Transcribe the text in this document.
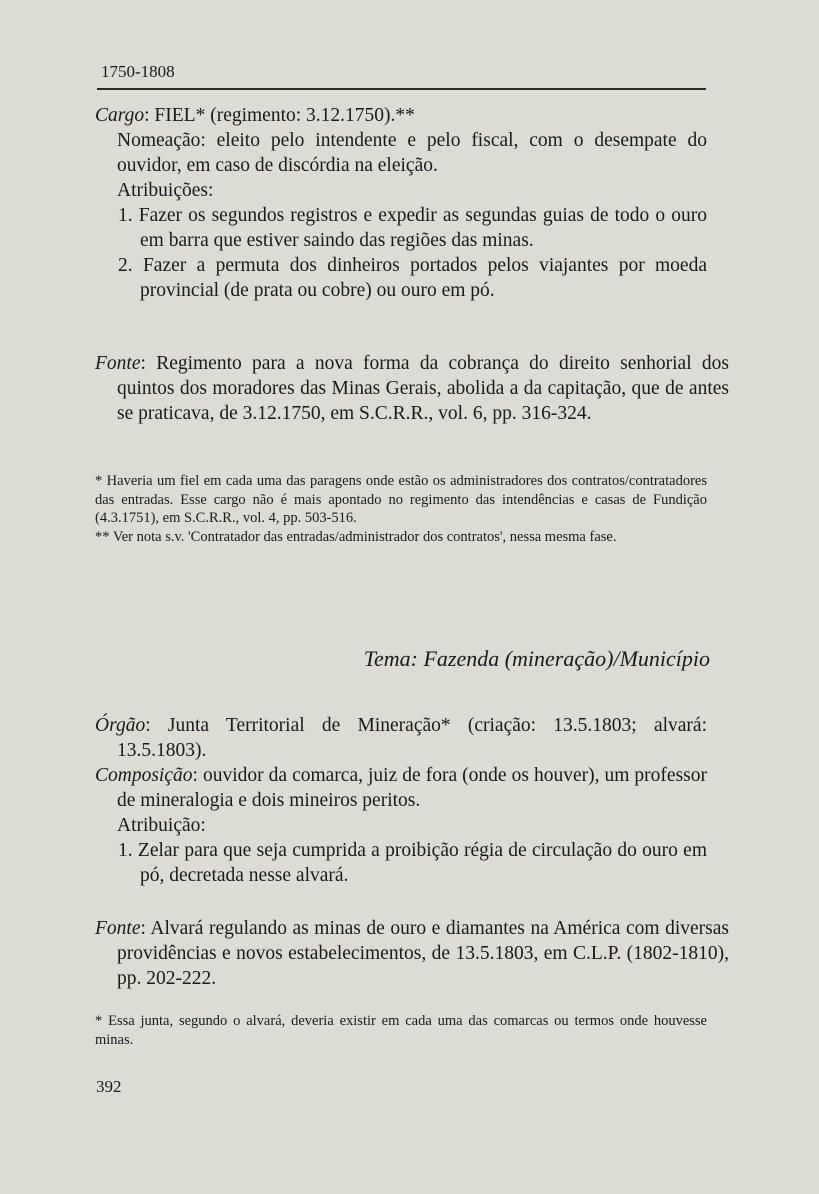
1750-1808
Cargo: FIEL* (regimento: 3.12.1750).**
Nomeação: eleito pelo intendente e pelo fiscal, com o desempate do ouvidor, em caso de discórdia na eleição.
Atribuições:
1. Fazer os segundos registros e expedir as segundas guias de todo o ouro em barra que estiver saindo das regiões das minas.
2. Fazer a permuta dos dinheiros portados pelos viajantes por moeda provincial (de prata ou cobre) ou ouro em pó.
Fonte: Regimento para a nova forma da cobrança do direito senhorial dos quintos dos moradores das Minas Gerais, abolida a da capitação, que de antes se praticava, de 3.12.1750, em S.C.R.R., vol. 6, pp. 316-324.
* Haveria um fiel em cada uma das paragens onde estão os administradores dos contratos/contratadores das entradas. Esse cargo não é mais apontado no regimento das intendências e casas de Fundição (4.3.1751), em S.C.R.R., vol. 4, pp. 503-516.
** Ver nota s.v. 'Contratador das entradas/administrador dos contratos', nessa mesma fase.
Tema: Fazenda (mineração)/Município
Órgão: Junta Territorial de Mineração* (criação: 13.5.1803; alvará: 13.5.1803).
Composição: ouvidor da comarca, juiz de fora (onde os houver), um professor de mineralogia e dois mineiros peritos.
Atribuição:
1. Zelar para que seja cumprida a proibição régia de circulação do ouro em pó, decretada nesse alvará.
Fonte: Alvará regulando as minas de ouro e diamantes na América com diversas providências e novos estabelecimentos, de 13.5.1803, em C.L.P. (1802-1810), pp. 202-222.
* Essa junta, segundo o alvará, deveria existir em cada uma das comarcas ou termos onde houvesse minas.
392
